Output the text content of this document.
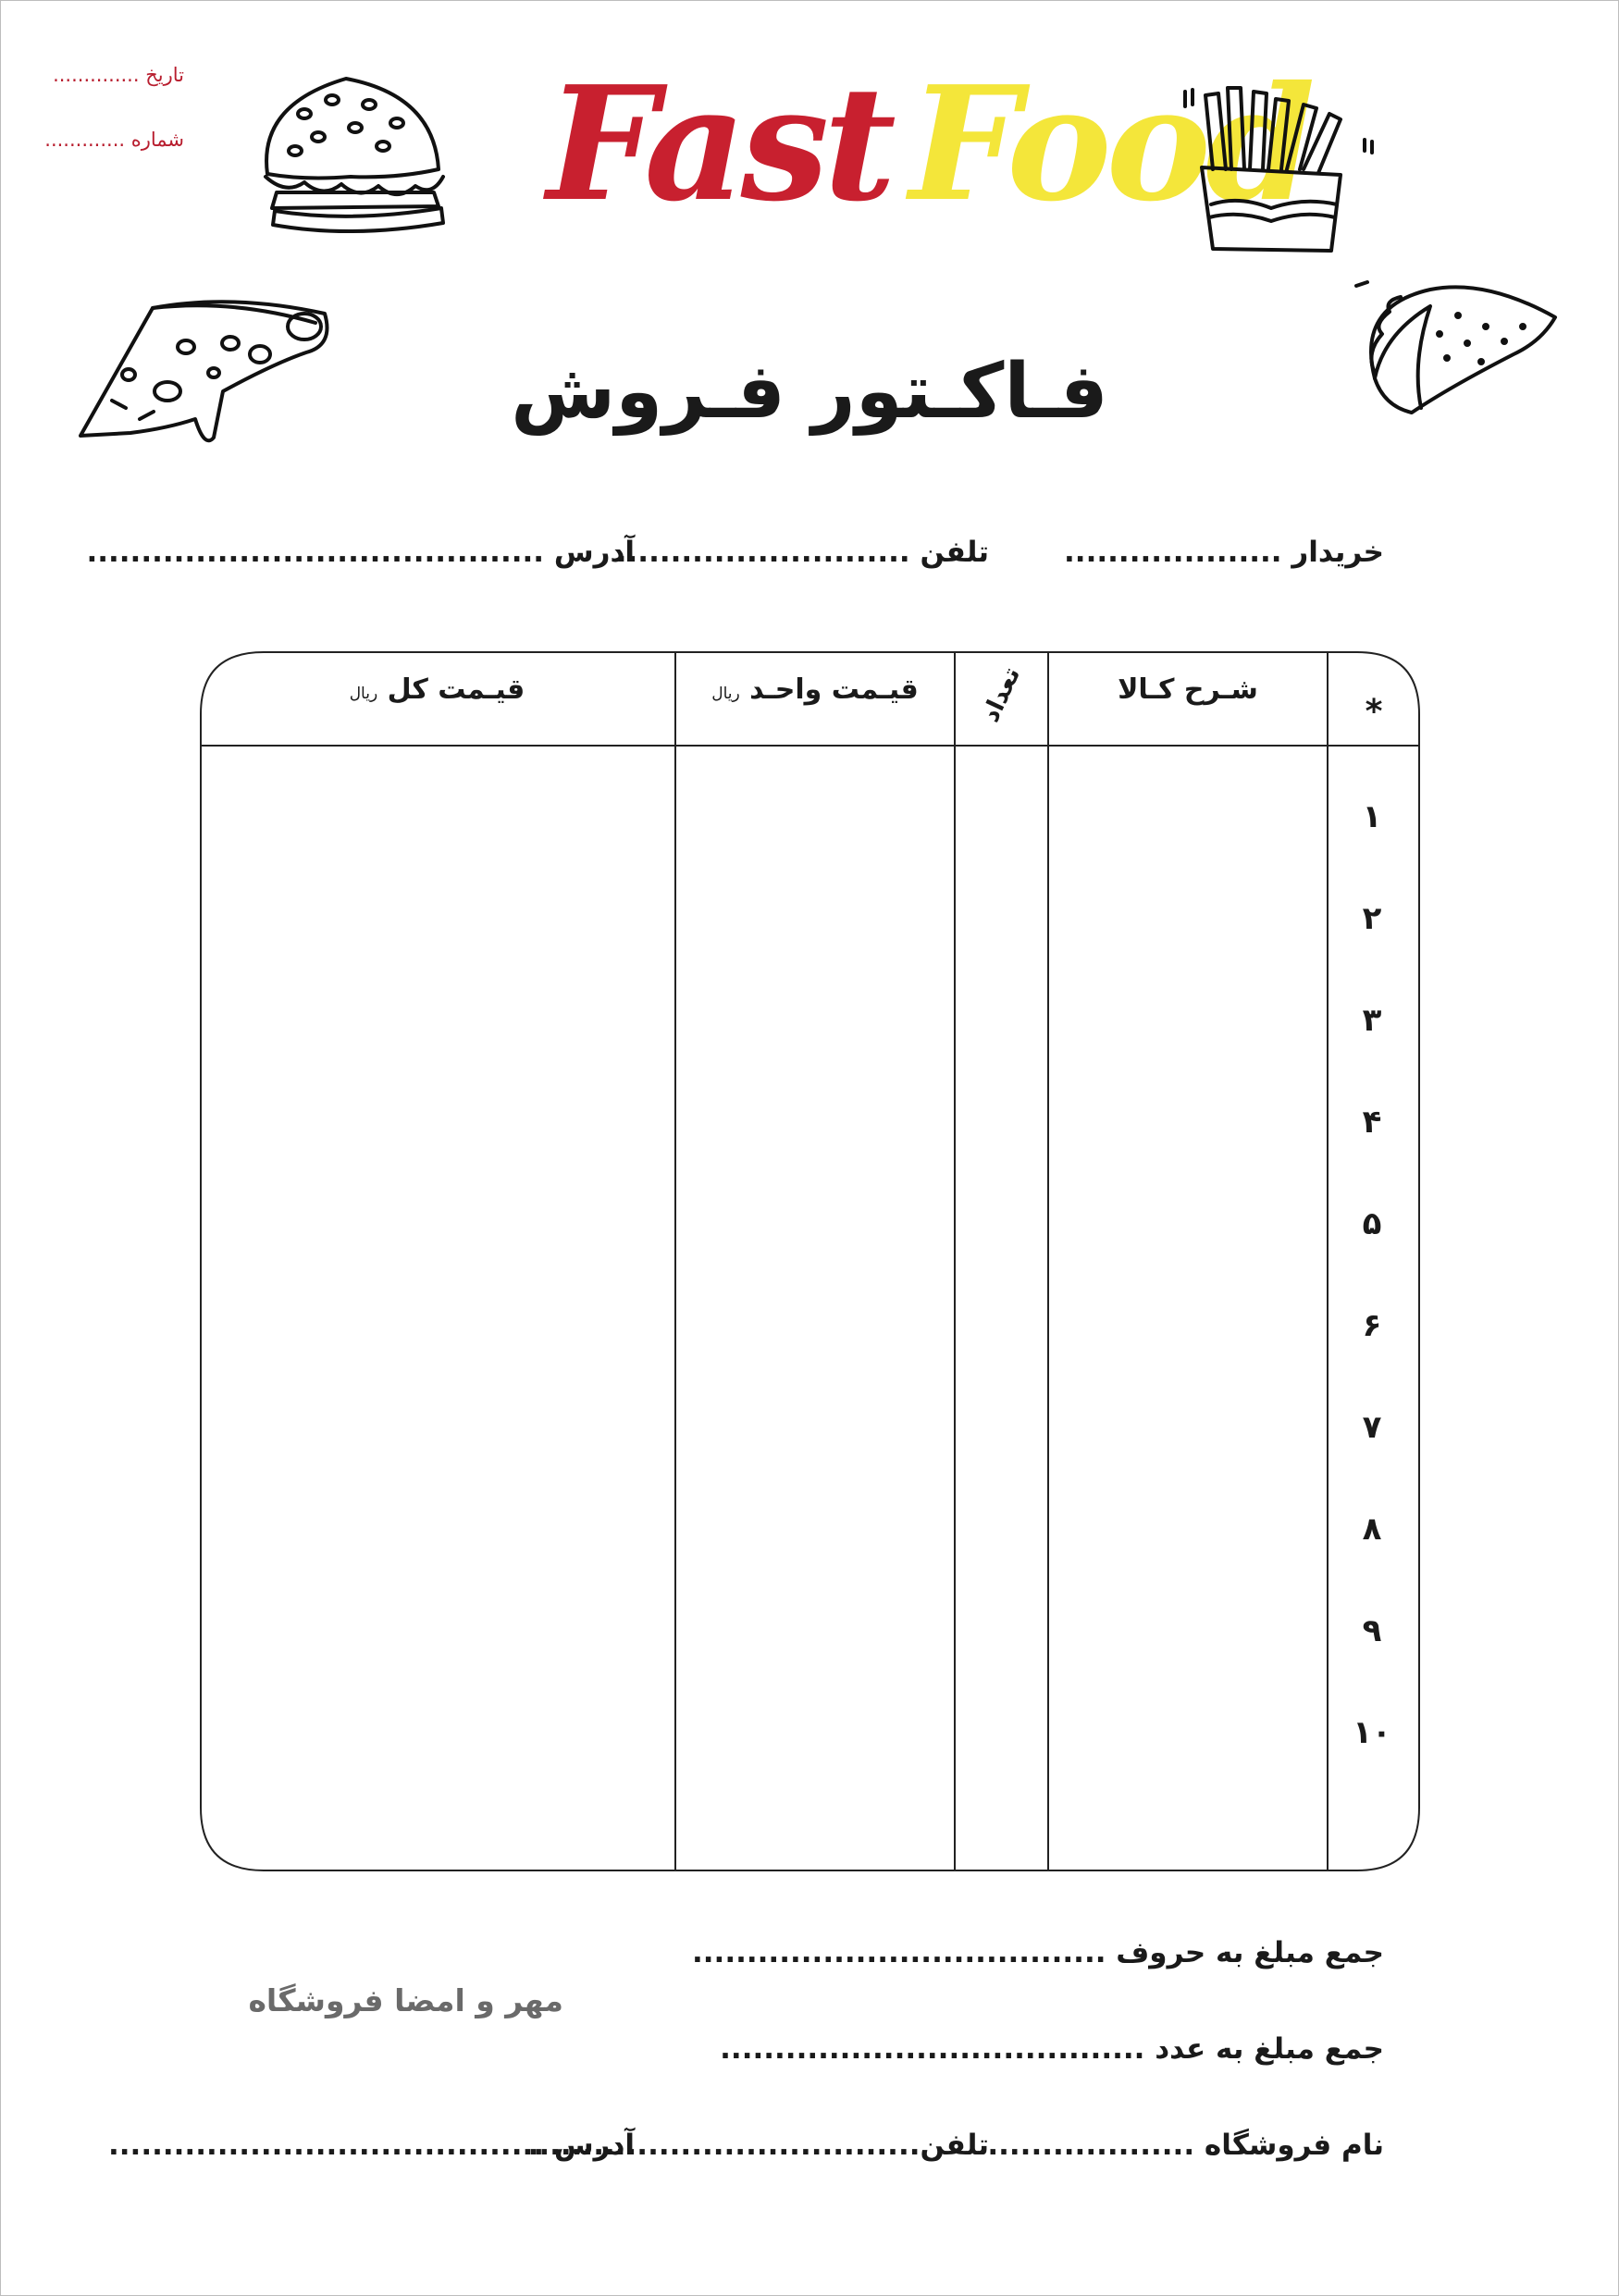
تاریخ ..............
شماره ............. Fast Food
فـاکـتور فـروش
خریدار ....................
تلفن ...........................
آدرس ..........................................
*
شـرح کـالا
تعداد
قیـمت واحـد ریال
قیـمت کل ریال
١
٢
٣
۴
۵
۶
٧
٨
٩
١٠
جمع مبلغ به حروف ......................................
مهر و امضا فروشگاه
جمع مبلغ به عدد .......................................
نام فروشگاه ...................
تلفن....................................
آدرس ........................................
